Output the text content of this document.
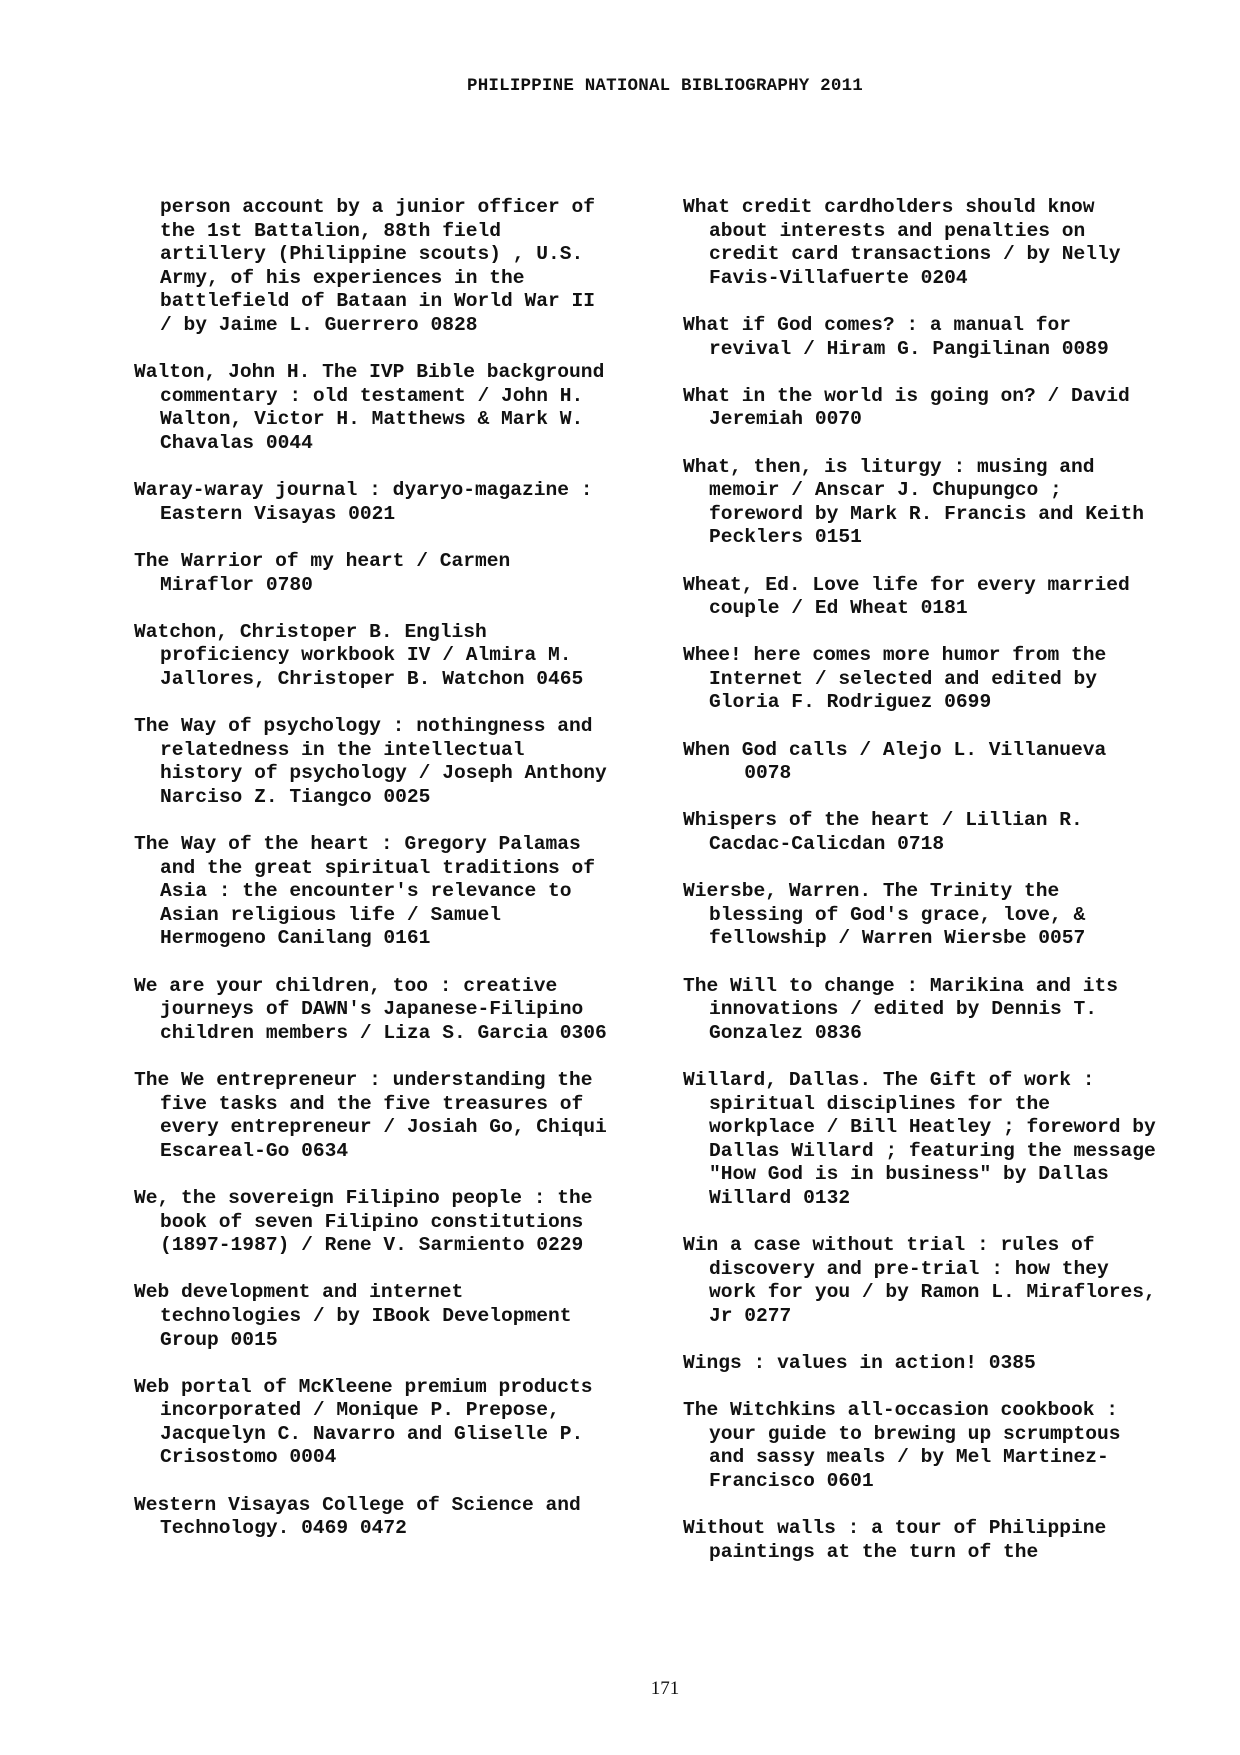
PHILIPPINE NATIONAL BIBLIOGRAPHY 2011

person account by a junior officer of
the 1st Battalion, 88th field
artillery (Philippine scouts) , U.S.
Army, of his experiences in the
battlefield of Bataan in World War II
/ by Jaime L. Guerrero 0828

Walton, John H. The IVP Bible background
commentary : old testament / John H.
Walton, Victor H. Matthews & Mark W.
Chavalas 0044

Waray-waray journal : dyaryo-magazine :
Eastern Visayas 0021

The Warrior of my heart / Carmen
Miraflor 0780

Watchon, Christoper B. English
proficiency workbook IV / Almira M.
Jallores, Christoper B. Watchon 0465

The Way of psychology : nothingness and
relatedness in the intellectual
history of psychology / Joseph Anthony
Narciso Z. Tiangco 0025

The Way of the heart : Gregory Palamas
and the great spiritual traditions of
Asia : the encounter's relevance to
Asian religious life / Samuel
Hermogeno Canilang 0161

We are your children, too : creative
journeys of DAWN's Japanese-Filipino
children members / Liza S. Garcia 0306

The We entrepreneur : understanding the
five tasks and the five treasures of
every entrepreneur / Josiah Go, Chiqui
Escareal-Go 0634

We, the sovereign Filipino people : the
book of seven Filipino constitutions
(1897-1987) / Rene V. Sarmiento 0229

Web development and internet
technologies / by IBook Development
Group 0015

Web portal of McKleene premium products
incorporated / Monique P. Prepose,
Jacquelyn C. Navarro and Gliselle P.
Crisostomo 0004

Western Visayas College of Science and
Technology. 0469 0472

What credit cardholders should know
about interests and penalties on
credit card transactions / by Nelly
Favis-Villafuerte 0204

What if God comes? : a manual for
revival / Hiram G. Pangilinan 0089

What in the world is going on? / David
Jeremiah 0070

What, then, is liturgy : musing and
memoir / Anscar J. Chupungco ;
foreword by Mark R. Francis and Keith
Pecklers 0151

Wheat, Ed. Love life for every married
couple / Ed Wheat 0181

Whee! here comes more humor from the
Internet / selected and edited by
Gloria F. Rodriguez 0699

When God calls / Alejo L. Villanueva
0078

Whispers of the heart / Lillian R.
Cacdac-Calicdan 0718

Wiersbe, Warren. The Trinity the
blessing of God's grace, love, &
fellowship / Warren Wiersbe 0057

The Will to change : Marikina and its
innovations / edited by Dennis T.
Gonzalez 0836

Willard, Dallas. The Gift of work :
spiritual disciplines for the
workplace / Bill Heatley ; foreword by
Dallas Willard ; featuring the message
"How God is in business" by Dallas
Willard 0132

Win a case without trial : rules of
discovery and pre-trial : how they
work for you / by Ramon L. Miraflores,
Jr 0277

Wings : values in action! 0385

The Witchkins all-occasion cookbook :
your guide to brewing up scrumptous
and sassy meals / by Mel Martinez-
Francisco 0601

Without walls : a tour of Philippine
paintings at the turn of the

171
